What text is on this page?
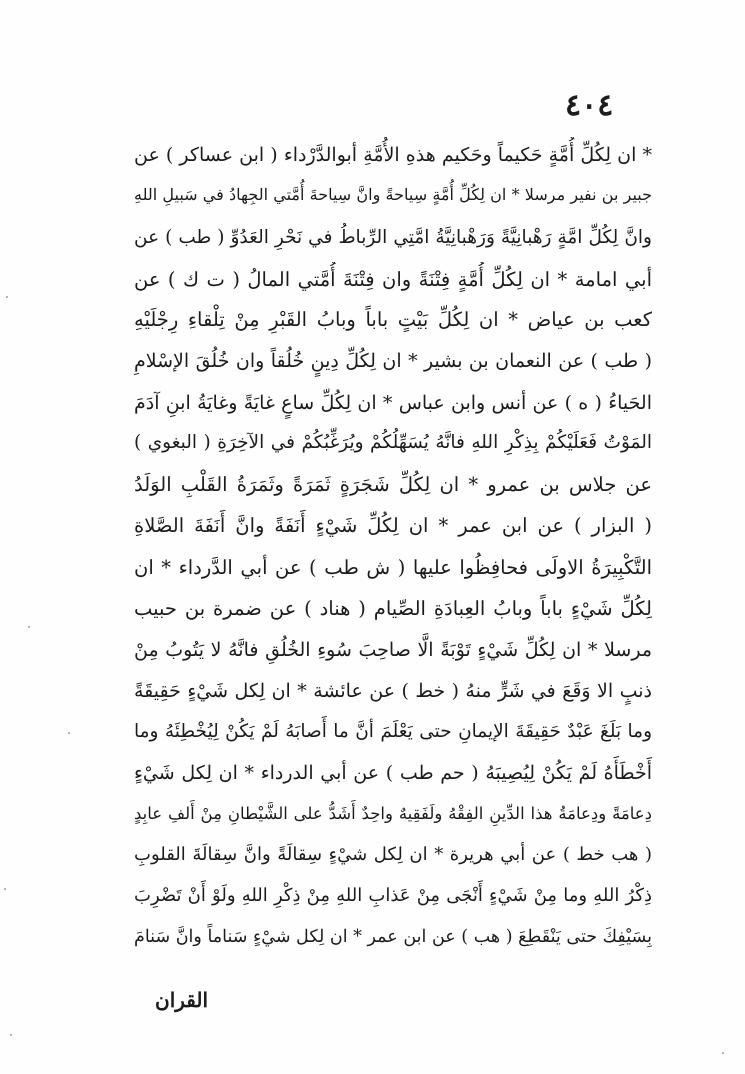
٤٠٤
* ان لِكُلِّ أُمَّةٍ حَكيماً وحَكيم هذهِ الأُمَّةِ أبوالدَّرْداء ( ابن عساكر ) عن
جبير بن نفير مرسلا * ان لِكُلِّ أُمَّةٍ سِياحةً وانَّ سِياحةَ أُمَّتي الجِهادُ في سَبيلِ اللهِ
وانَّ لِكُلِّ امَّةٍ رَهْبانِيَّةً وَرَهْبانِيَّةُ امَّتِي الرِّباطُ في نَحْرِ العَدُوِّ ( طب ) عن
أبي امامة * ان لِكُلِّ أُمَّةٍ فِتْنَةً وان فِتْنَةَ أُمَّتي المالُ ( ت ك ) عن
كعب بن عياض * ان لِكُلِّ بَيْتٍ باباً وبابُ القَبْرِ مِنْ تِلْقاءِ رِجْلَيْهِ
( طب ) عن النعمان بن بشير * ان لِكُلِّ دِينٍ خُلُقاً وان خُلُقَ الإسْلامِ
الحَياءُ ( ه ) عن أنس وابن عباس * ان لِكُلِّ ساعٍ غايَةً وغايَةُ ابنِ آدَمَ
المَوْتُ فَعَلَيْكُمْ بِذِكْرِ اللهِ فانَّهُ يُسَهِّلُكُمْ ويُرَغِّبُكُمْ في الآخِرَةِ ( البغوي )
عن جلاس بن عمرو * ان لِكُلِّ شَجَرَةٍ ثَمَرَةً وثَمَرَةُ القَلْبِ الوَلَدُ
( البزار ) عن ابن عمر * ان لِكُلِّ شَيْءٍ أَنَفَةً وانَّ أَنَفَةَ الصَّلاةِ
التَّكْبِيرَةُ الاولَى فحافِظُوا عليها ( ش طب ) عن أبي الدَّرداء * ان
لِكُلِّ شَيْءٍ باباً وبابُ العِبادَةِ الصِّيام ( هناد ) عن ضمرة بن حبيب
مرسلا * ان لِكُلِّ شَيْءٍ تَوْبَةً الَّا صاحِبَ سُوءِ الخُلُقِ فانَّهُ لا يَتُوبُ مِنْ
ذنبٍ الا وَقَعَ في شَرٍّ منهُ ( خط ) عن عائشة * ان لِكل شَيْءٍ حَقِيقَةً
وما بَلَغَ عَبْدٌ حَقِيقَةَ الإيمانِ حتى يَعْلَمَ أنَّ ما أَصابَهُ لَمْ يَكُنْ لِيُخْطِئَهُ وما
أَخْطَأَهُ لَمْ يَكُنْ لِيُصِيبَهُ ( حم طب ) عن أبي الدرداء * ان لِكل شَيْءٍ
دِعامَةً ودِعامَةُ هذا الدِّينِ الفِقْهُ ولَفَقِيهٌ واحِدٌ أَشَدُّ على الشَّيْطانِ مِنْ أَلفِ عابِدٍ
( هب خط ) عن أبي هريرة * ان لِكل شيْءٍ سِقالَةً وانَّ سِقالَةَ القلوبِ
ذِكْرُ اللهِ وما مِنْ شَيْءٍ أَنْجَى مِنْ عَذابِ اللهِ مِنْ ذِكْرِ اللهِ ولَوْ أَنْ تَضْرِبَ
بِسَيْفِكَ حتى يَنْقَطِعَ ( هب ) عن ابن عمر * ان لِكل شيْءٍ سَناماً وانَّ سَنامَ
القران
